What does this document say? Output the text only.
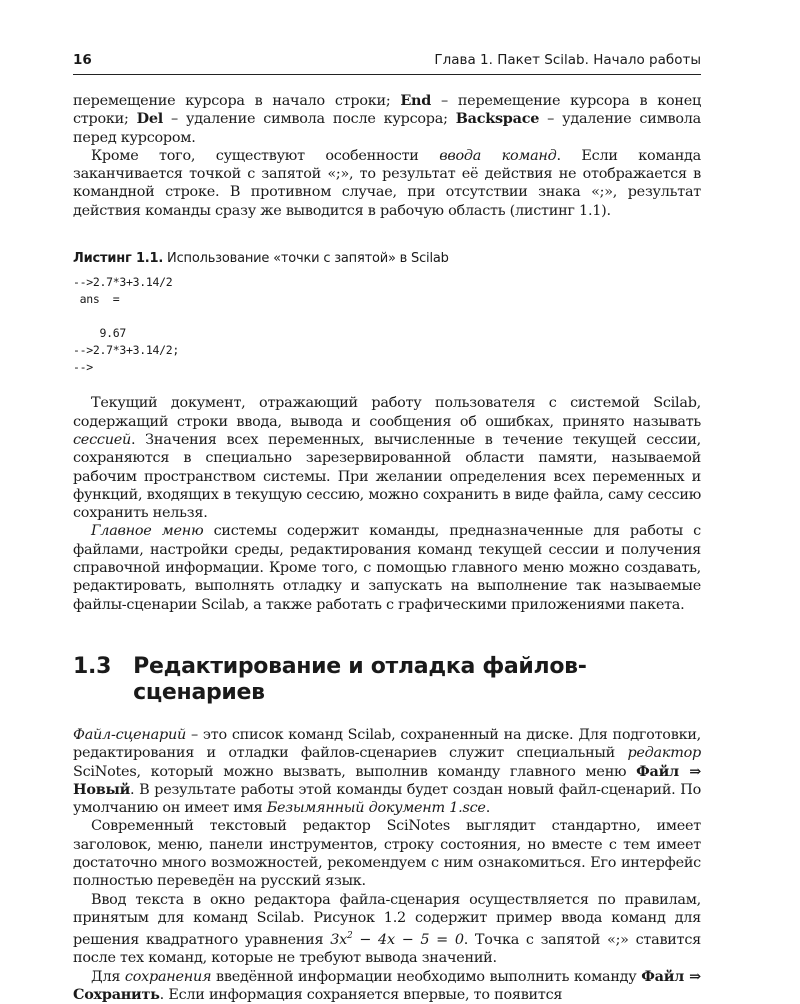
16	Глава 1. Пакет Scilab. Начало работы

перемещение курсора в начало строки; End – перемещение курсора в конец строки; Del – удаление символа после курсора; Backspace – удаление символа перед курсором.

Кроме того, существуют особенности ввода команд. Если команда заканчивается точкой с запятой «;», то результат её действия не отображается в командной строке. В противном случае, при отсутствии знака «;», результат действия команды сразу же выводится в рабочую область (листинг 1.1).

Листинг 1.1. Использование «точки с запятой» в Scilab
-->2.7*3+3.14/2
ans  =

9.67
-->2.7*3+3.14/2;
-->

Текущий документ, отражающий работу пользователя с системой Scilab, содержащий строки ввода, вывода и сообщения об ошибках, принято называть сессией. Значения всех переменных, вычисленные в течение текущей сессии, сохраняются в специально зарезервированной области памяти, называемой рабочим пространством системы. При желании определения всех переменных и функций, входящих в текущую сессию, можно сохранить в виде файла, саму сессию сохранить нельзя.

Главное меню системы содержит команды, предназначенные для работы с файлами, настройки среды, редактирования команд текущей сессии и получения справочной информации. Кроме того, с помощью главного меню можно создавать, редактировать, выполнять отладку и запускать на выполнение так называемые файлы-сценарии Scilab, а также работать с графическими приложениями пакета.

1.3	Редактирование и отладка файлов-сценариев

Файл-сценарий – это список команд Scilab, сохраненный на диске. Для подготовки, редактирования и отладки файлов-сценариев служит специальный редактор SciNotes, который можно вызвать, выполнив команду главного меню Файл ⇒ Новый. В результате работы этой команды будет создан новый файл-сценарий. По умолчанию он имеет имя Безымянный документ 1.sce.

Современный текстовый редактор SciNotes выглядит стандартно, имеет заголовок, меню, панели инструментов, строку состояния, но вместе с тем имеет достаточно много возможностей, рекомендуем с ним ознакомиться. Его интерфейс полностью переведён на русский язык.

Ввод текста в окно редактора файла-сценария осуществляется по правилам, принятым для команд Scilab. Рисунок 1.2 содержит пример ввода команд для решения квадратного уравнения $3x^2 - 4x - 5 = 0$. Точка с запятой «;» ставится после тех команд, которые не требуют вывода значений.

Для сохранения введённой информации необходимо выполнить команду Файл ⇒ Сохранить. Если информация сохраняется впервые, то появится
